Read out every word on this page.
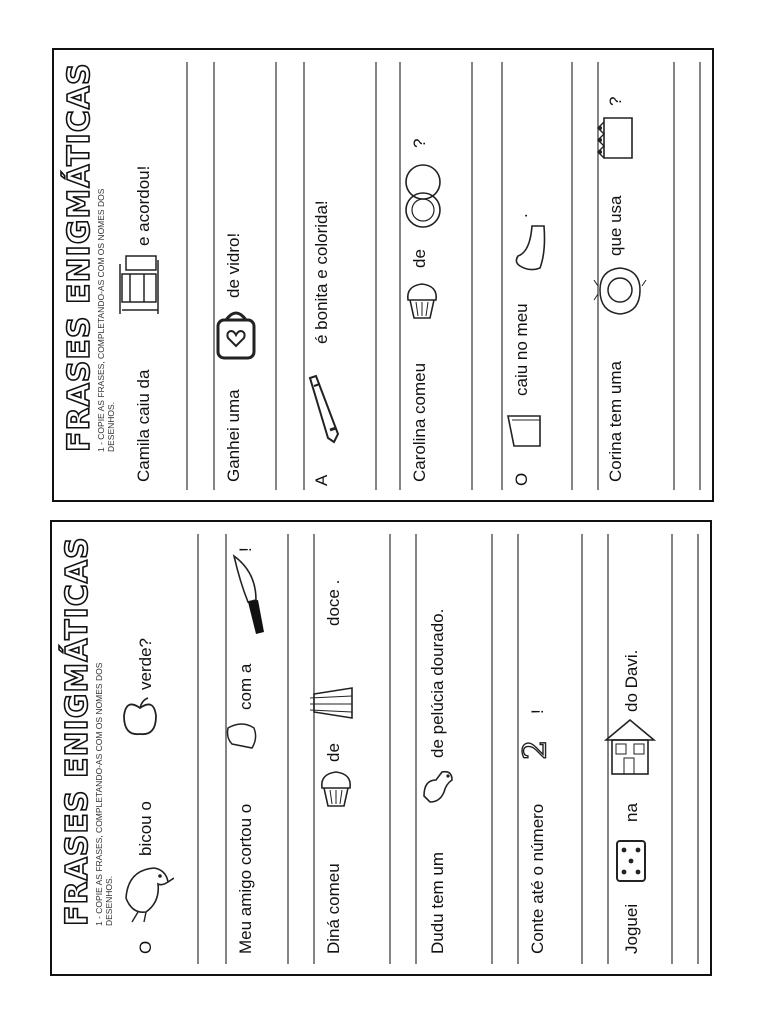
FRASES ENIGMÁTICAS 1 - COPIE AS FRASES, COMPLETANDO-AS COM OS NOMES DOS DESENHOS. Camila caiu da
e acordou!
Ganhei uma
de vidro!
A
é bonita e colorida!
Carolina comeu
de
?
O
caiu no meu
.
Corina tem uma
que usa
?
FRASES ENIGMÁTICAS 1 - COPIE AS FRASES, COMPLETANDO-AS COM OS NOMES DOS DESENHOS.
O
bicou o
verde?
Meu amigo cortou o
com a
!
Diná comeu
de
doce .
Dudu tem um
de pelúcia dourado.
Conte até o número
2
!
Joguei
na
do Davi.
